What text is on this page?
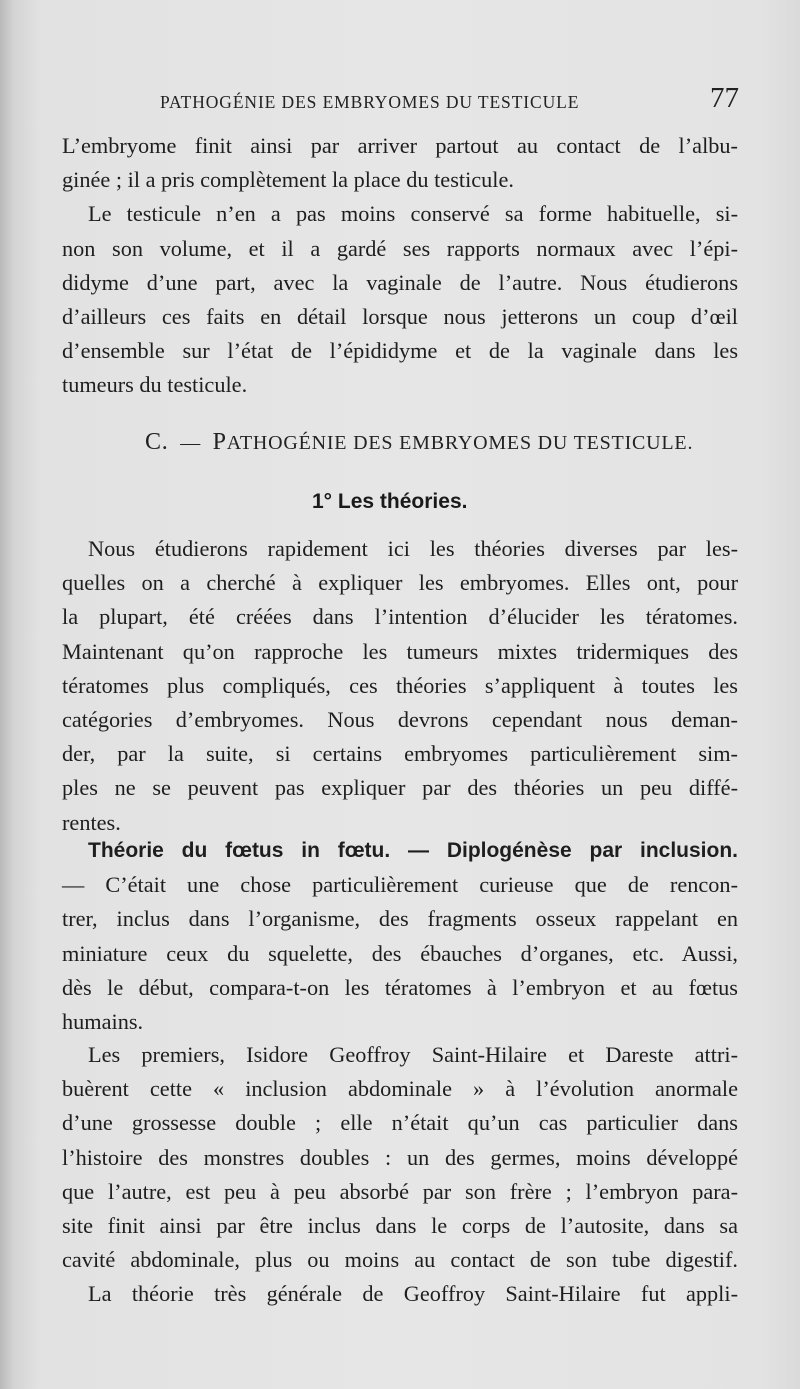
PATHOGÉNIE DES EMBRYOMES DU TESTICULE	77
L’embryome finit ainsi par arriver partout au contact de l’albu-
ginée ; il a pris complètement la place du testicule.
Le testicule n’en a pas moins conservé sa forme habituelle, si-
non son volume, et il a gardé ses rapports normaux avec l’épi-
didyme d’une part, avec la vaginale de l’autre. Nous étudierons
d’ailleurs ces faits en détail lorsque nous jetterons un coup d’œil
d’ensemble sur l’état de l’épididyme et de la vaginale dans les
tumeurs du testicule.
C. — PATHOGÉNIE DES EMBRYOMES DU TESTICULE.
1° Les théories.
Nous étudierons rapidement ici les théories diverses par les-
quelles on a cherché à expliquer les embryomes. Elles ont, pour
la plupart, été créées dans l’intention d’élucider les tératomes.
Maintenant qu’on rapproche les tumeurs mixtes tridermiques des
tératomes plus compliqués, ces théories s’appliquent à toutes les
catégories d’embryomes. Nous devrons cependant nous deman-
der, par la suite, si certains embryomes particulièrement sim-
ples ne se peuvent pas expliquer par des théories un peu diffé-
rentes.
Théorie du fœtus in fœtu. — Diplogénèse par inclusion.
— C’était une chose particulièrement curieuse que de rencon-
trer, inclus dans l’organisme, des fragments osseux rappelant en
miniature ceux du squelette, des ébauches d’organes, etc. Aussi,
dès le début, compara-t-on les tératomes à l’embryon et au fœtus
humains.
Les premiers, Isidore Geoffroy Saint-Hilaire et Dareste attri-
buèrent cette « inclusion abdominale » à l’évolution anormale
d’une grossesse double ; elle n’était qu’un cas particulier dans
l’histoire des monstres doubles : un des germes, moins développé
que l’autre, est peu à peu absorbé par son frère ; l’embryon para-
site finit ainsi par être inclus dans le corps de l’autosite, dans sa
cavité abdominale, plus ou moins au contact de son tube digestif.
La théorie très générale de Geoffroy Saint-Hilaire fut appli-
